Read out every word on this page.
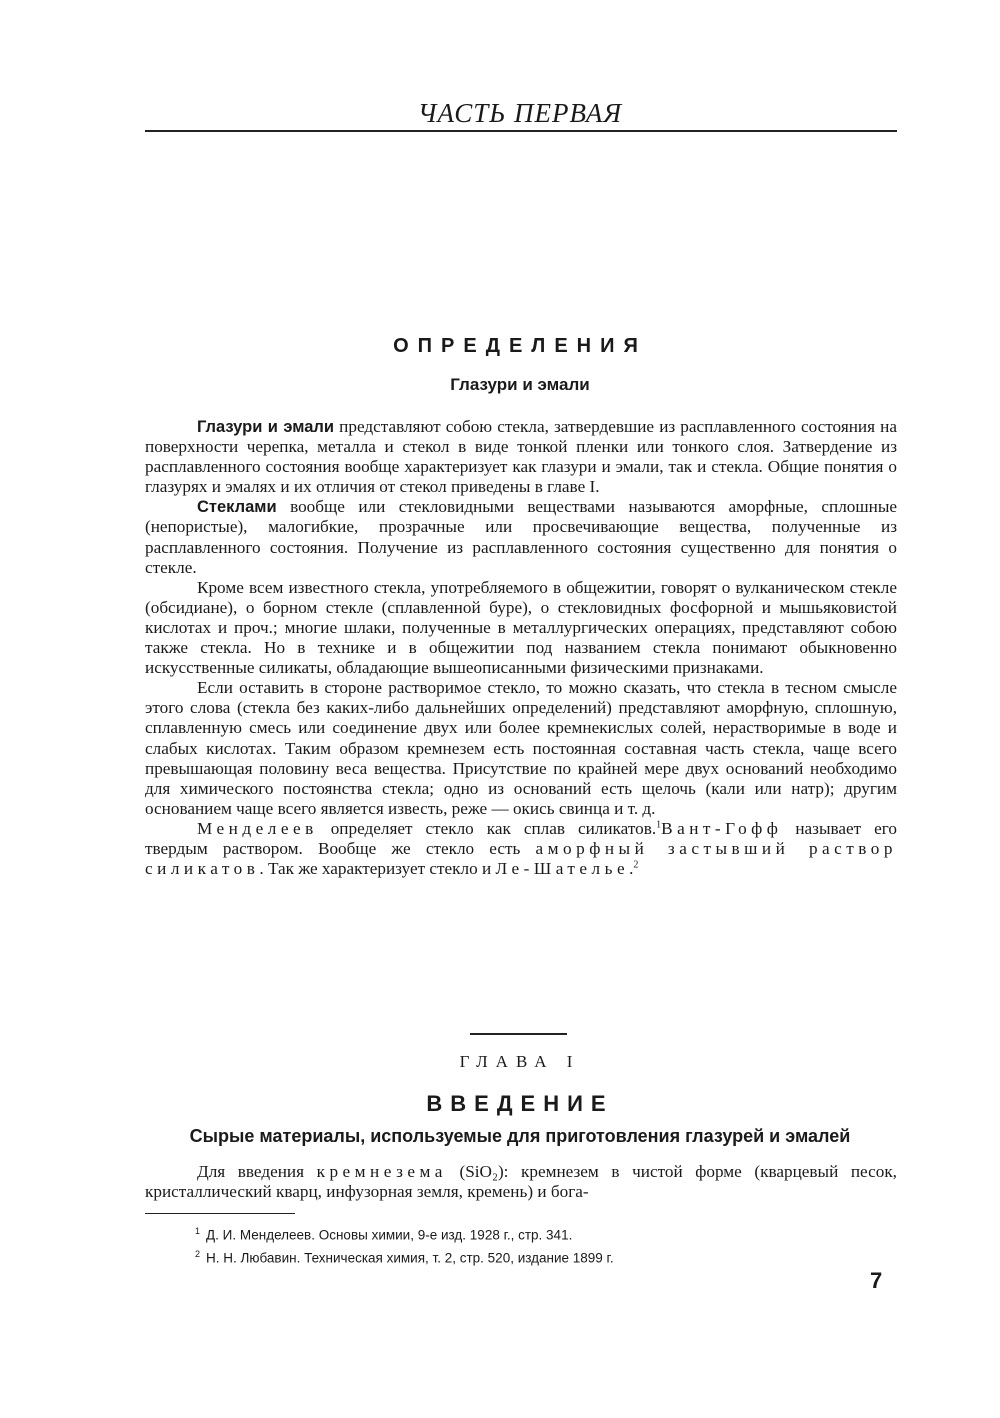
ЧАСТЬ ПЕРВАЯ
ОПРЕДЕЛЕНИЯ
Глазури и эмали

Глазури и эмали представляют собою стекла, затвердевшие из расплавленного состояния на поверхности черепка, металла и стекол в виде тонкой пленки или тонкого слоя. Затвердение из расплавленного состояния вообще характеризует как глазури и эмали, так и стекла. Общие понятия о глазурях и эмалях и их отличия от стекол приведены в главе I.

Стеклами вообще или стекловидными веществами называются аморфные, сплошные (непористые), малогибкие, прозрачные или просвечивающие вещества, полученные из расплавленного состояния. Получение из расплавленного состояния существенно для понятия о стекле.

Кроме всем известного стекла, употребляемого в общежитии, говорят о вулканическом стекле (обсидиане), о борном стекле (сплавленной буре), о стекловидных фосфорной и мышьяковистой кислотах и проч.; многие шлаки, полученные в металлургических операциях, представляют собою также стекла. Но в технике и в общежитии под названием стекла понимают обыкновенно искусственные силикаты, обладающие вышеописанными физическими признаками.

Если оставить в стороне растворимое стекло, то можно сказать, что стекла в тесном смысле этого слова (стекла без каких-либо дальнейших определений) представляют аморфную, сплошную, сплавленную смесь или соединение двух или более кремнекислых солей, нерастворимые в воде и слабых кислотах. Таким образом кремнезем есть постоянная составная часть стекла, чаще всего превышающая половину веса вещества. Присутствие по крайней мере двух оснований необходимо для химического постоянства стекла; одно из оснований есть щелочь (кали или натр); другим основанием чаще всего является известь, реже — окись свинца и т. д.

Менделеев определяет стекло как сплав силикатов.$^1$Вант-Гофф называет его твердым раствором. Вообще же стекло есть аморфный застывший раствор силикатов. Так же характеризует стекло и Ле-Шателье.$^2$

ГЛАВА I
ВВЕДЕНИЕ
Сырые материалы, используемые для приготовления глазурей и эмалей

Для введения кремнезема (SiO₂): кремнезем в чистой форме (кварцевый песок, кристаллический кварц, инфузорная земля, кремень) и бога-

$^1$ Д. И. Менделеев. Основы химии, 9-е изд. 1928 г., стр. 341.
$^2$ Н. Н. Любавин. Техническая химия, т. 2, стр. 520, издание 1899 г.
7
